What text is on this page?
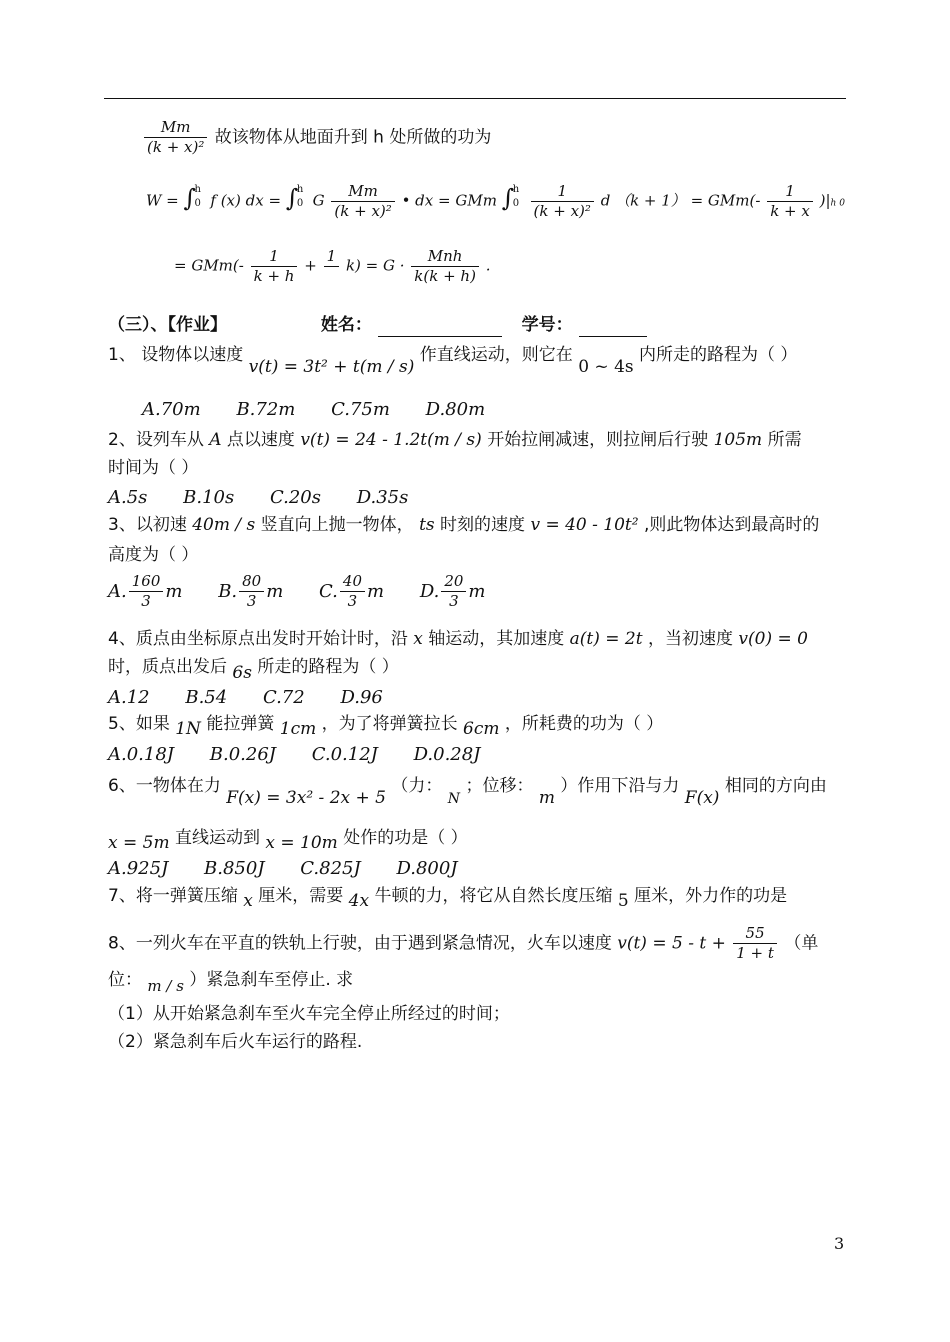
$\frac{Mm}{\text{(k + x)²}}$ 故该物体从地面升到 h 处所做的功为
W = ∫
h
0 f (x) dx = ∫
h
0 G $\frac{Mm}{\text{(k + x)²}}$ • dx = GMm ∫
h
0
$\frac{1}{\text{(k + x)²}}$ d $(k + 1) = GMm(- \frac{1}{k + x} )|h$ 0
= $GMm(- \frac{1}{k + h}$ +
1
$k) = G \cdot \frac{\text{Mnh}}{k(k + h)}$ .
（三）、【作业】	姓名：	学号：
1、 设物体以速度 v(t) = 3t² + t(m / s) 作直线运动，则它在 0 ~ 4s 内所走的路程为（ ）
A.70m B.72m C.75m D.80m
2、设列车从 A 点以速度 v(t) = 24 - 1.2t(m / s) 开始拉闸减速，则拉闸后行驶 105m 所需
时间为（ ）
A.5s B.10s C.20s D.35s
3、以初速 40m / s 竖直向上抛一物体， ts 时刻的速度 v = 40 - 10t² ,则此物体达到最高时的
高度为（ ）
A. $\frac{160}{3}$ m B. $\frac{80}{3}$ m C. $\frac{40}{3}$ m D. $\frac{20}{3}$ m
4、质点由坐标原点出发时开始计时，沿 x 轴运动，其加速度 a(t) = 2t ，当初速度 v(0) = 0
时，质点出发后 6s 所走的路程为（ ）
A.12 B.54 C.72 D.96
5、如果 1N 能拉弹簧 1cm ，为了将弹簧拉长 6cm ，所耗费的功为（ ）
A.0.18J B.0.26J C.0.12J D.0.28J
6、一物体在力 F(x) = 3x² - 2x + 5 （力： $_N$ ；位移： m ）作用下沿与力 F(x) 相同的方向由
x = 5m 直线运动到 x = 10m 处作的功是（ ）
A.925J B.850J C.825J D.800J
7、将一弹簧压缩 x 厘米，需要 4x 牛顿的力，将它从自然长度压缩 5 厘米，外力作的功是
8、一列火车在平直的铁轨上行驶，由于遇到紧急情况，火车以速度 $v(t) = 5 - t + \frac{55}{1 + t}$ （单
位： m / s ）紧急刹车至停止. 求
（1）从开始紧急刹车至火车完全停止所经过的时间；
（2）紧急刹车后火车运行的路程.
3
